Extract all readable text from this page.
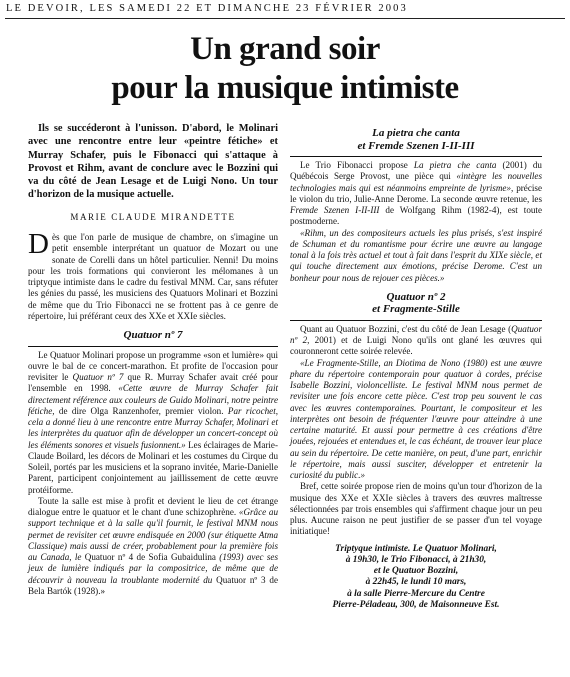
LE DEVOIR, LES SAMEDI 22 ET DIMANCHE 23 FÉVRIER 2003
Un grand soir
pour la musique intimiste

Ils se succéderont à l'unisson. D'abord, le Molinari avec une rencontre entre leur «peintre fétiche» et Murray Schafer, puis le Fibonacci qui s'attaque à Provost et Rihm, avant de conclure avec le Bozzini qui va du côté de Jean Lesage et de Luigi Nono. Un tour d'horizon de la musique actuelle.

MARIE CLAUDE MIRANDETTE

Dès que l'on parle de musique de chambre, on s'imagine un petit ensemble interprétant un quatuor de Mozart ou une sonate de Corelli dans un hôtel particulier. Nenni! Du moins pour les trois formations qui convieront les mélomanes à un triptyque intimiste dans le cadre du festival MNM. Car, sans réfuter les génies du passé, les musiciens des Quatuors Molinari et Bozzini de même que du Trio Fibonacci ne se frottent pas à ce genre de répertoire, lui préférant ceux des XXe et XXIe siècles.

Quatuor nº 7

Le Quatuor Molinari propose un programme «son et lumière» qui ouvre le bal de ce concert-marathon. Et profite de l'occasion pour revisiter le Quatuor nº 7 que R. Murray Schafer avait créé pour l'ensemble en 1998. «Cette œuvre de Murray Schafer fait directement référence aux couleurs de Guido Molinari, notre peintre fétiche, de dire Olga Ranzenhofer, premier violon. Par ricochet, cela a donné lieu à une rencontre entre Murray Schafer, Molinari et les interprètes du quatuor afin de développer un concert-concept où les éléments sonores et visuels fusionnent.» Les éclairages de Marie-Claude Boilard, les décors de Molinari et les costumes du Cirque du Soleil, portés par les musiciens et la soprano invitée, Marie-Danielle Parent, participent conjointement au jaillissement de cette œuvre protéiforme.

Toute la salle est mise à profit et devient le lieu de cet étrange dialogue entre le quatuor et le chant d'une schizophrène. «Grâce au support technique et à la salle qu'il fournit, le festival MNM nous permet de revisiter cet œuvre endisquée en 2000 (sur étiquette Atma Classique) mais aussi de créer, probablement pour la première fois au Canada, le Quatuor nº 4 de Sofia Gubaidulina (1993) avec ses jeux de lumière indiqués par la compositrice, de même que de découvrir à nouveau la troublante modernité du Quatuor nº 3 de Bela Bartók (1928).»

La pietra che canta
et Fremde Szenen I-II-III

Le Trio Fibonacci propose La pietra che canta (2001) du Québécois Serge Provost, une pièce qui «intègre les nouvelles technologies mais qui est néanmoins empreinte de lyrisme», précise le violon du trio, Julie-Anne Derome. La seconde œuvre retenue, les Fremde Szenen I-II-III de Wolfgang Rihm (1982-4), est toute postmoderne.

«Rihm, un des compositeurs actuels les plus prisés, s'est inspiré de Schuman et du romantisme pour écrire une œuvre au langage tonal à la fois très actuel et tout à fait dans l'esprit du XIXe siècle, et qui touche directement aux émotions, précise Derome. C'est un bonheur pour nous de rejouer ces pièces.»

Quatuor nº 2
et Fragmente-Stille

Quant au Quatuor Bozzini, c'est du côté de Jean Lesage (Quatuor nº 2, 2001) et de Luigi Nono qu'ils ont glané les œuvres qui couronneront cette soirée relevée.

«Le Fragmente-Stille, an Diotima de Nono (1980) est une œuvre phare du répertoire contemporain pour quatuor à cordes, précise Isabelle Bozzini, violoncelliste. Le festival MNM nous permet de revisiter une fois encore cette pièce. C'est trop peu souvent le cas avec les œuvres contemporaines. Pourtant, le compositeur et les interprètes ont besoin de fréquenter l'œuvre pour atteindre à une certaine maturité. Et aussi pour permettre à ces créations d'être jouées, rejouées et entendues et, le cas échéant, de trouver leur place au sein du répertoire. De cette manière, on peut, d'une part, enrichir le répertoire, mais aussi susciter, développer et entretenir la curiosité du public.»

Bref, cette soirée propose rien de moins qu'un tour d'horizon de la musique des XXe et XXIe siècles à travers des œuvres maîtresse sélectionnées par trois ensembles qui s'affirment chaque jour un peu plus. Aucune raison ne peut justifier de se passer d'un tel voyage initiatique!

Triptyque intimiste. Le Quatuor Molinari,
à 19h30, le Trio Fibonacci, à 21h30,
et le Quatuor Bozzini,
à 22h45, le lundi 10 mars,
à la salle Pierre-Mercure du Centre
Pierre-Péladeau, 300, de Maisonneuve Est.
